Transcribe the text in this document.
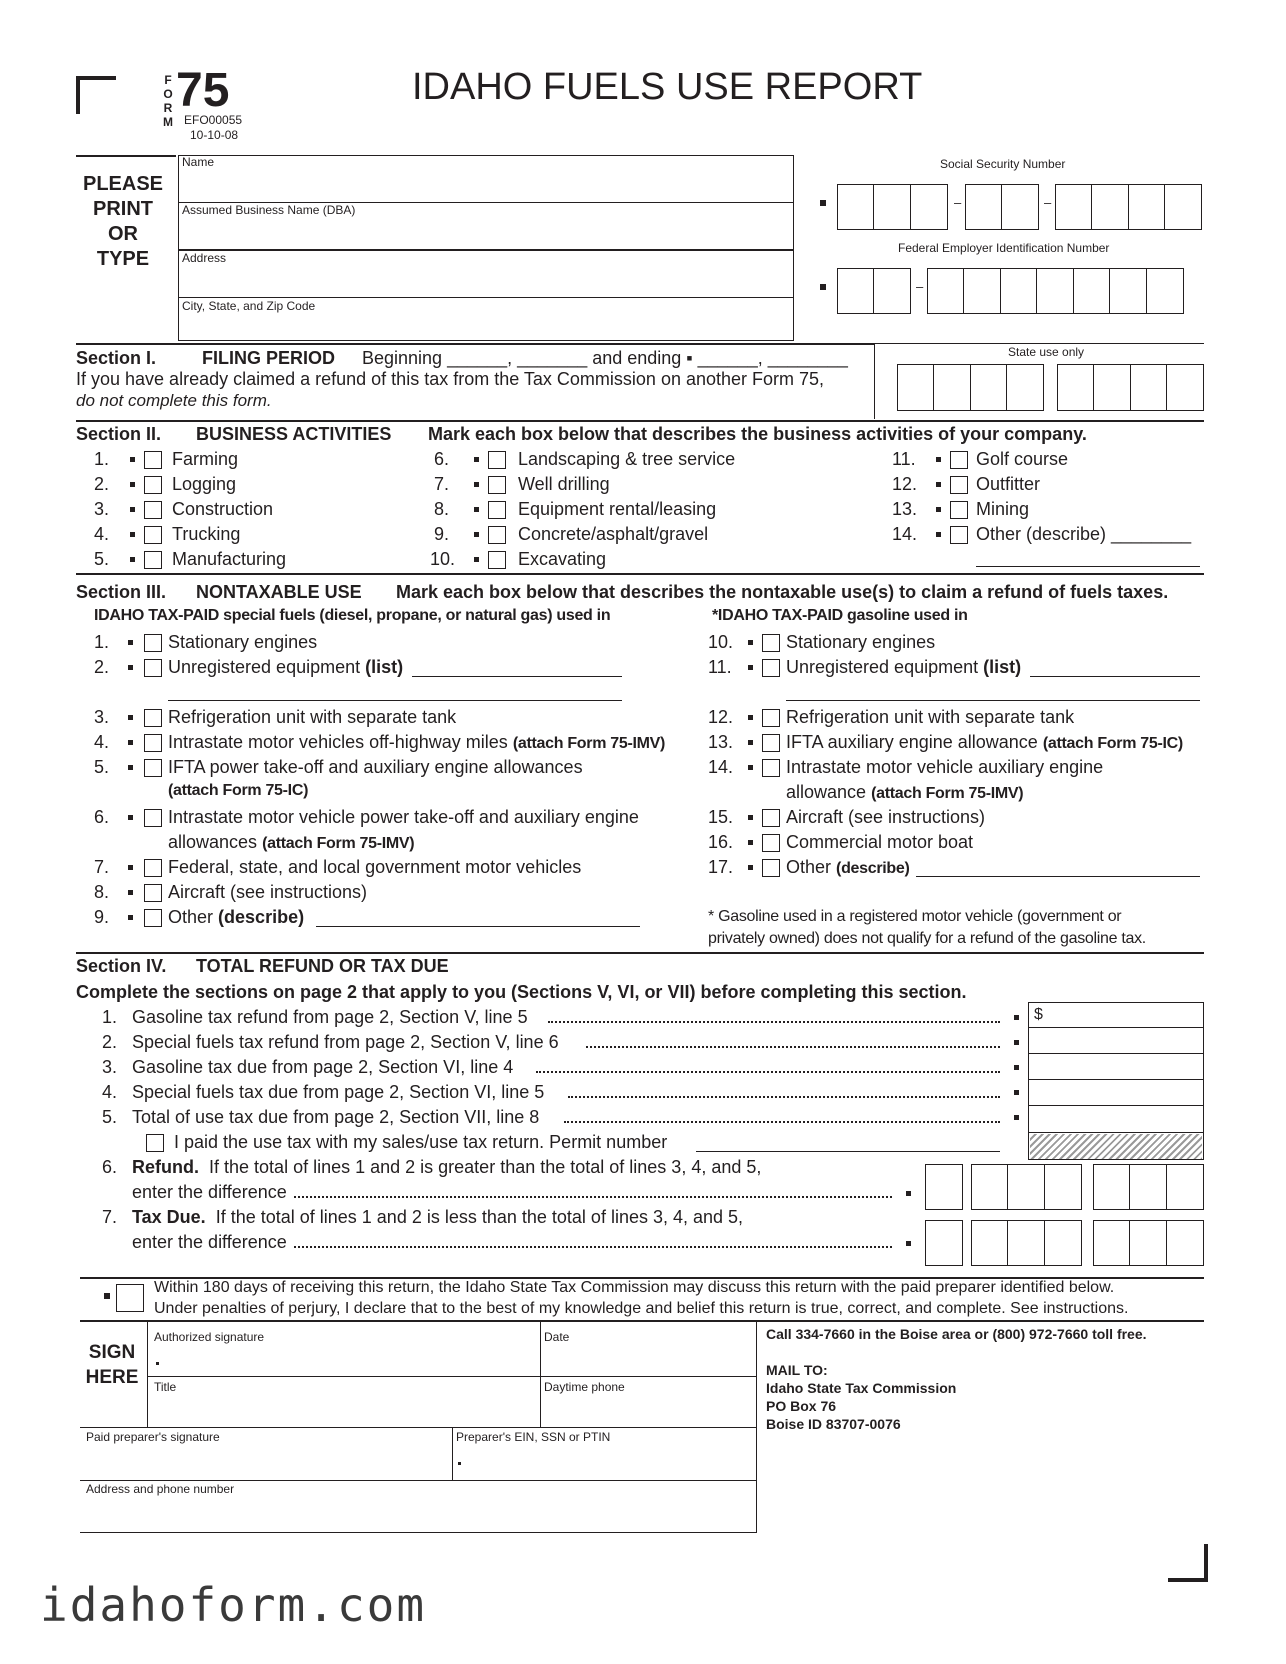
F
O
R
M
75
EFO00055
10-10-08
IDAHO FUELS USE REPORT
PLEASE
PRINT
OR
TYPE
Name
Assumed Business Name (DBA)
Address
City, State, and Zip Code
Social Security Number
–	–
Federal Employer Identification Number
–
Section I.	FILING PERIOD Beginning ______, _______ and ending ▪ ______, ________
If you have already claimed a refund of this tax from the Tax Commission on another Form 75,
do not complete this form.
State use only
Section II. BUSINESS ACTIVITIES Mark each box below that describes the business activities of your company.
1.	Farming
2.	Logging
3.	Construction
4.	Trucking
5.	Manufacturing
6.	Landscaping & tree service
7.	Well drilling
8.	Equipment rental/leasing
9.	Concrete/asphalt/gravel
10.	Excavating
11.	Golf course
12.	Outfitter
13.	Mining
14.	Other (describe) ________
Section III. NONTAXABLE USE Mark each box below that describes the nontaxable use(s) to claim a refund of fuels taxes.
IDAHO TAX-PAID special fuels (diesel, propane, or natural gas) used in	*IDAHO TAX-PAID gasoline used in
1.	Stationary engines
2.	Unregistered equipment (list)
3.	Refrigeration unit with separate tank
4.	Intrastate motor vehicles off-highway miles (attach Form 75-IMV)
5.	IFTA power take-off and auxiliary engine allowances
(attach Form 75-IC)
6.	Intrastate motor vehicle power take-off and auxiliary engine
allowances (attach Form 75-IMV)
7.	Federal, state, and local government motor vehicles
8.	Aircraft (see instructions)
9.	Other (describe)
10.	Stationary engines
11.	Unregistered equipment (list)
12.	Refrigeration unit with separate tank
13.	IFTA auxiliary engine allowance (attach Form 75-IC)
14.	Intrastate motor vehicle auxiliary engine
allowance (attach Form 75-IMV)
15.	Aircraft (see instructions)
16.	Commercial motor boat
17.	Other (describe)
* Gasoline used in a registered motor vehicle (government or
privately owned) does not qualify for a refund of the gasoline tax.
Section IV. TOTAL REFUND OR TAX DUE
Complete the sections on page 2 that apply to you (Sections V, VI, or VII) before completing this section.
1. Gasoline tax refund from page 2, Section V, line 5
2. Special fuels tax refund from page 2, Section V, line 6
3. Gasoline tax due from page 2, Section VI, line 4
4. Special fuels tax due from page 2, Section VI, line 5
5. Total of use tax due from page 2, Section VII, line 8
$
I paid the use tax with my sales/use tax return. Permit number
6. Refund. If the total of lines 1 and 2 is greater than the total of lines 3, 4, and 5,
enter the difference
7. Tax Due. If the total of lines 1 and 2 is less than the total of lines 3, 4, and 5,
enter the difference
Within 180 days of receiving this return, the Idaho State Tax Commission may discuss this return with the paid preparer identified below.
Under penalties of perjury, I declare that to the best of my knowledge and belief this return is true, correct, and complete. See instructions.
SIGN
HERE
Authorized signature	Date
Title	Daytime phone
Paid preparer's signature	Preparer's EIN, SSN or PTIN
Address and phone number
Call 334-7660 in the Boise area or (800) 972-7660 toll free.
MAIL TO:
Idaho State Tax Commission
PO Box 76
Boise ID 83707-0076
idahoform.com
